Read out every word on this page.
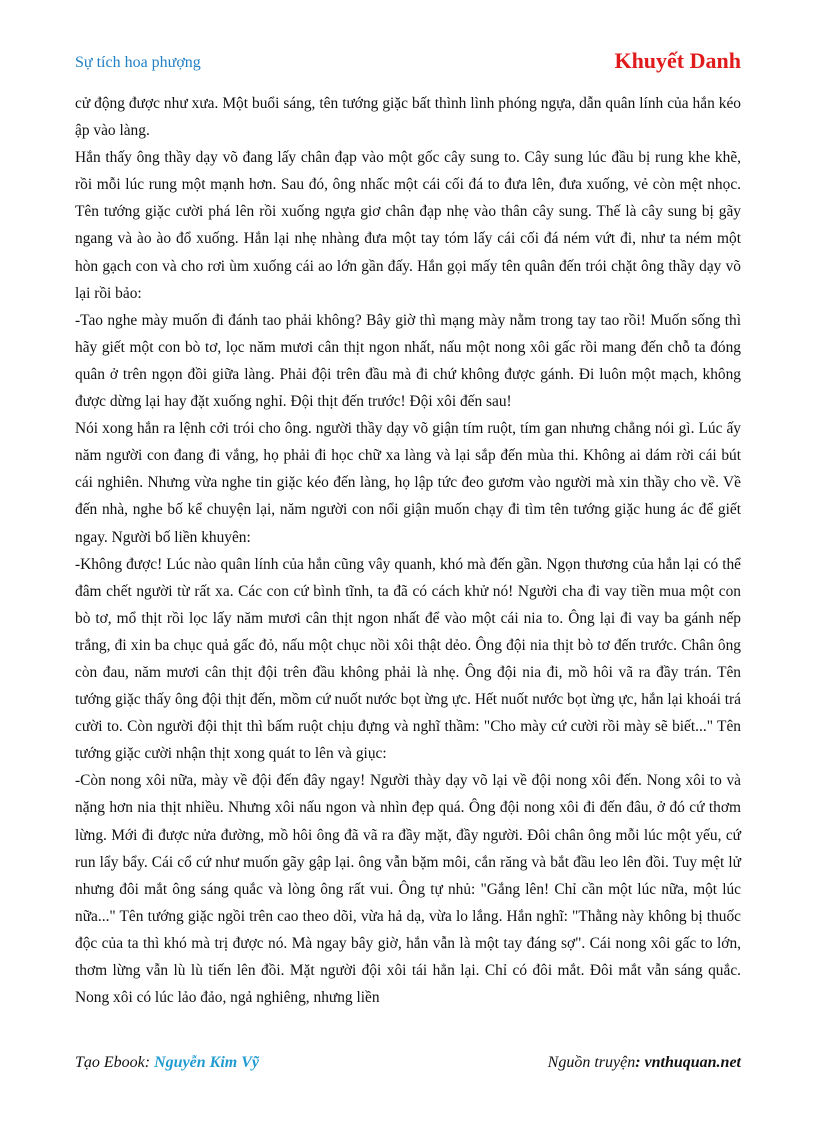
Sự tích hoa phượng	Khuyết Danh

cử động được như xưa. Một buổi sáng, tên tướng giặc bất thình lình phóng ngựa, dẫn quân lính của hắn kéo ập vào làng.

Hắn thấy ông thầy dạy võ đang lấy chân đạp vào một gốc cây sung to. Cây sung lúc đầu bị rung khe khẽ, rồi mỗi lúc rung một mạnh hơn. Sau đó, ông nhấc một cái cối đá to đưa lên, đưa xuống, vẻ còn mệt nhọc. Tên tướng giặc cười phá lên rồi xuống ngựa giơ chân đạp nhẹ vào thân cây sung. Thế là cây sung bị gãy ngang và ào ào đổ xuống. Hắn lại nhẹ nhàng đưa một tay tóm lấy cái cối đá ném vứt đi, như ta ném một hòn gạch con và cho rơi ùm xuống cái ao lớn gần đấy. Hắn gọi mấy tên quân đến trói chặt ông thầy dạy võ lại rồi bảo:

-Tao nghe mày muốn đi đánh tao phải không? Bây giờ thì mạng mày nằm trong tay tao rồi! Muốn sống thì hãy giết một con bò tơ, lọc năm mươi cân thịt ngon nhất, nấu một nong xôi gấc rồi mang đến chỗ ta đóng quân ở trên ngọn đồi giữa làng. Phải đội trên đầu mà đi chứ không được gánh. Đi luôn một mạch, không được dừng lại hay đặt xuống nghỉ. Đội thịt đến trước! Đội xôi đến sau!

Nói xong hắn ra lệnh cởi trói cho ông. người thầy dạy võ giận tím ruột, tím gan nhưng chẳng nói gì. Lúc ấy năm người con đang đi vắng, họ phải đi học chữ xa làng và lại sắp đến mùa thi. Không ai dám rời cái bút cái nghiên. Nhưng vừa nghe tin giặc kéo đến làng, họ lập tức đeo gươm vào người mà xin thầy cho về. Về đến nhà, nghe bố kể chuyện lại, năm người con nổi giận muốn chạy đi tìm tên tướng giặc hung ác để giết ngay. Người bố liền khuyên:

-Không được! Lúc nào quân lính của hắn cũng vây quanh, khó mà đến gần. Ngọn thương của hắn lại có thể đâm chết người từ rất xa. Các con cứ bình tĩnh, ta đã có cách khử nó! Người cha đi vay tiền mua một con bò tơ, mổ thịt rồi lọc lấy năm mươi cân thịt ngon nhất để vào một cái nia to. Ông lại đi vay ba gánh nếp trắng, đi xin ba chục quả gấc đỏ, nấu một chục nồi xôi thật dẻo. Ông đội nia thịt bò tơ đến trước. Chân ông còn đau, năm mươi cân thịt đội trên đầu không phải là nhẹ. Ông đội nia đi, mồ hôi vã ra đầy trán. Tên tướng giặc thấy ông đội thịt đến, mồm cứ nuốt nước bọt ừng ực. Hết nuốt nước bọt ừng ực, hắn lại khoái trá cười to. Còn người đội thịt thì bấm ruột chịu đựng và nghĩ thầm: "Cho mày cứ cười rồi mày sẽ biết..." Tên tướng giặc cười nhận thịt xong quát to lên và giục:

-Còn nong xôi nữa, mày về đội đến đây ngay! Người thày dạy võ lại về đội nong xôi đến. Nong xôi to và nặng hơn nia thịt nhiều. Nhưng xôi nấu ngon và nhìn đẹp quá. Ông đội nong xôi đi đến đâu, ở đó cứ thơm lừng. Mới đi được nửa đường, mồ hôi ông đã vã ra đầy mặt, đầy người. Đôi chân ông mỗi lúc một yếu, cứ run lẩy bẩy. Cái cổ cứ như muốn gãy gập lại. ông vẫn bặm môi, cắn răng và bắt đầu leo lên đồi. Tuy mệt lử nhưng đôi mắt ông sáng quắc và lòng ông rất vui. Ông tự nhủ: "Gắng lên! Chỉ cần một lúc nữa, một lúc nữa..." Tên tướng giặc ngồi trên cao theo dõi, vừa hả dạ, vừa lo lắng. Hắn nghĩ: "Thằng này không bị thuốc độc của ta thì khó mà trị được nó. Mà ngay bây giờ, hắn vẫn là một tay đáng sợ". Cái nong xôi gấc to lớn, thơm lừng vẫn lù lù tiến lên đồi. Mặt người đội xôi tái hẳn lại. Chỉ có đôi mắt. Đôi mắt vẫn sáng quắc. Nong xôi có lúc lảo đảo, ngả nghiêng, nhưng liền

Tạo Ebook: Nguyễn Kim Vỹ	Nguồn truyện: vnthuquan.net
